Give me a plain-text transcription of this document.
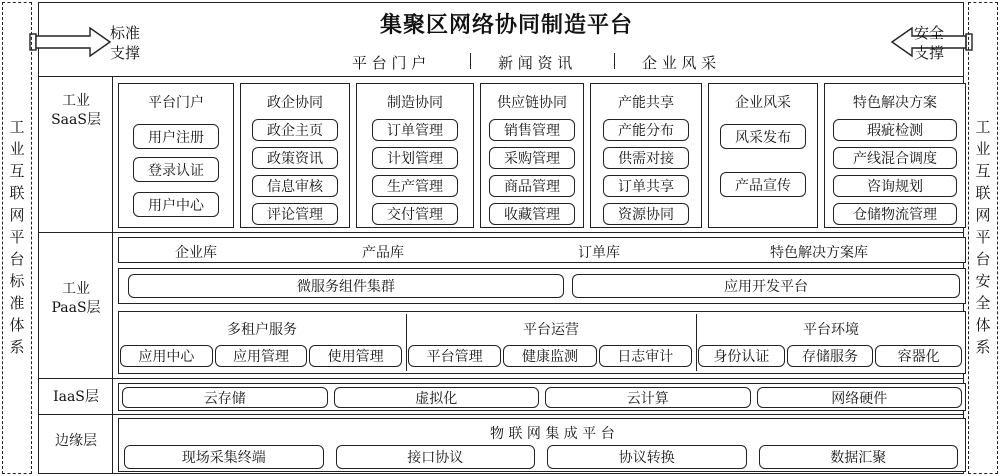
工
业
互
联
网
平
台
标
准
体
系
工
业
互
联
网
平
台
安
全
体
系
集聚区网络协同制造平台
标准
支撑
安全
支撑
平 台 门 户	新 闻 资 讯	企 业 风 采
工业
SaaS层
工业
PaaS层
IaaS层
边缘层
平台门户
用户注册
登录认证
用户中心
政企协同
政企主页
政策资讯
信息审核
评论管理
制造协同
订单管理
计划管理
生产管理
交付管理
供应链协同
销售管理
采购管理
商品管理
收藏管理
产能共享
产能分布
供需对接
订单共享
资源协同
企业风采
风采发布
产品宣传
特色解决方案
瑕疵检测
产线混合调度
咨询规划
仓储物流管理
企业库	产品库	订单库	特色解决方案库
微服务组件集群	应用开发平台
多租户服务
应用中心	应用管理	使用管理
平台运营
平台管理	健康监测	日志审计
平台环境
身份认证	存储服务	容器化
云存储	虚拟化	云计算	网络硬件
物 联 网 集 成 平 台
现场采集终端	接口协议	协议转换	数据汇聚
